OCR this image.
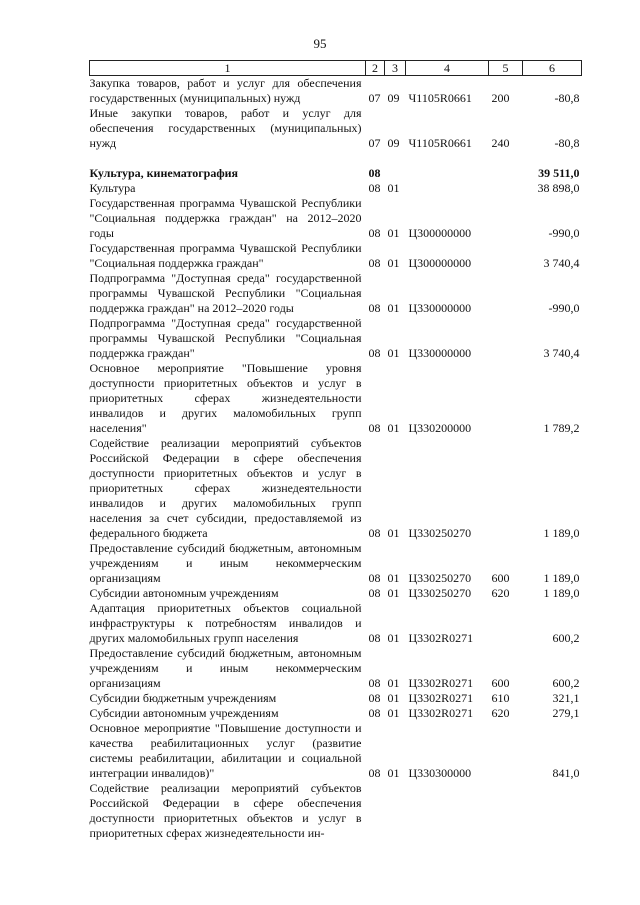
95
1	2	3	4	5	6
Закупка товаров, работ и услуг для обеспечения государственных (муниципальных) нужд	07	09	Ч1105R0661	200	-80,8
Иные закупки товаров, работ и услуг для обеспечения государственных (муниципальных) нужд	07	09	Ч1105R0661	240	-80,8
Культура, кинематография	08				39 511,0
Культура	08	01			38 898,0
Государственная программа Чувашской Республики "Социальная поддержка граждан" на 2012–2020 годы	08	01	Ц300000000		-990,0
Государственная программа Чувашской Республики "Социальная поддержка граждан"	08	01	Ц300000000		3 740,4
Подпрограмма "Доступная среда" государственной программы Чувашской Республики "Социальная поддержка граждан" на 2012–2020 годы	08	01	Ц330000000		-990,0
Подпрограмма "Доступная среда" государственной программы Чувашской Республики "Социальная поддержка граждан"	08	01	Ц330000000		3 740,4
Основное мероприятие "Повышение уровня доступности приоритетных объектов и услуг в приоритетных сферах жизнедеятельности инвалидов и других маломобильных групп населения"	08	01	Ц330200000		1 789,2
Содействие реализации мероприятий субъектов Российской Федерации в сфере обеспечения доступности приоритетных объектов и услуг в приоритетных сферах жизнедеятельности инвалидов и других маломобильных групп населения за счет субсидии, предоставляемой из федерального бюджета	08	01	Ц330250270		1 189,0
Предоставление субсидий бюджетным, автономным учреждениям и иным некоммерческим организациям	08	01	Ц330250270	600	1 189,0
Субсидии автономным учреждениям	08	01	Ц330250270	620	1 189,0
Адаптация приоритетных объектов социальной инфраструктуры к потребностям инвалидов и других маломобильных групп населения	08	01	Ц3302R0271		600,2
Предоставление субсидий бюджетным, автономным учреждениям и иным некоммерческим организациям	08	01	Ц3302R0271	600	600,2
Субсидии бюджетным учреждениям	08	01	Ц3302R0271	610	321,1
Субсидии автономным учреждениям	08	01	Ц3302R0271	620	279,1
Основное мероприятие "Повышение доступности и качества реабилитационных услуг (развитие системы реабилитации, абилитации и социальной интеграции инвалидов)"	08	01	Ц330300000		841,0
Содействие реализации мероприятий субъектов Российской Федерации в сфере обеспечения доступности приоритетных объектов и услуг в приоритетных сферах жизнедеятельности ин-					
